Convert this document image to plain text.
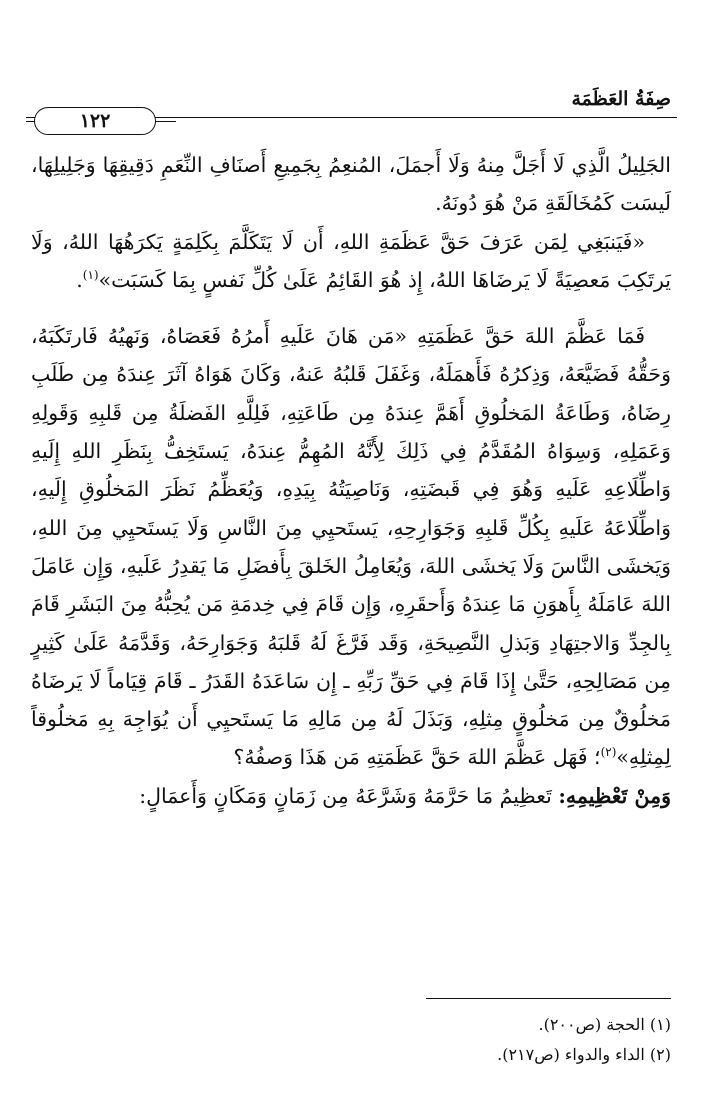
صِفَةُ العَظَمَة
١٢٢

الجَلِيلُ الَّذِي لَا أَجَلَّ مِنهُ وَلَا أَجمَلَ، المُنعِمُ بِجَمِيعِ أَصنَافِ النِّعَمِ دَقِيقِهَا وَجَلِيلِهَا، لَيسَت كَمُخَالَقَةِ مَنْ هُوَ دُونَهُ.

«فَيَنبَغِي لِمَن عَرَفَ حَقَّ عَظَمَةِ اللهِ، أَن لَا يَتَكَلَّمَ بِكَلِمَةٍ يَكرَهُهَا اللهُ، وَلَا يَرتَكِبَ مَعصِيَةً لَا يَرضَاهَا اللهُ، إِذ هُوَ القَائِمُ عَلَىٰ كُلِّ نَفسٍ بِمَا كَسَبَت»$^{(١)}$.

فَمَا عَظَّمَ اللهَ حَقَّ عَظَمَتِهِ «مَن هَانَ عَلَيهِ أَمرُهُ فَعَصَاهُ، وَنَهيُهُ فَارتَكَبَهُ، وَحَقُّهُ فَضَيَّعَهُ، وَذِكرُهُ فَأَهمَلَهُ، وَغَفَلَ قَلبُهُ عَنهُ، وَكَانَ هَوَاهُ آثَرَ عِندَهُ مِن طَلَبِ رِضَاهُ، وَطَاعَةُ المَخلُوقِ أَهَمَّ عِندَهُ مِن طَاعَتِهِ، فَلِلَّهِ الفَضلَةُ مِن قَلبِهِ وَقَولِهِ وَعَمَلِهِ، وَسِوَاهُ المُقَدَّمُ فِي ذَلِكَ لِأَنَّهُ المُهِمُّ عِندَهُ، يَستَخِفُّ بِنَظَرِ اللهِ إِلَيهِ وَاطِّلَاعِهِ عَلَيهِ وَهُوَ فِي قَبضَتِهِ، وَنَاصِيَتُهُ بِيَدِهِ، وَيُعَظِّمُ نَظَرَ المَخلُوقِ إِلَيهِ، وَاطِّلَاعَهُ عَلَيهِ بِكُلِّ قَلبِهِ وَجَوَارِحِهِ، يَستَحيِي مِنَ النَّاسِ وَلَا يَستَحيِي مِنَ اللهِ، وَيَخشَى النَّاسَ وَلَا يَخشَى اللهَ، وَيُعَامِلُ الخَلقَ بِأَفضَلِ مَا يَقدِرُ عَلَيهِ، وَإِن عَامَلَ اللهَ عَامَلَهُ بِأَهوَنِ مَا عِندَهُ وَأَحقَرِهِ، وَإِن قَامَ فِي خِدمَةِ مَن يُحِبُّهُ مِنَ البَشَرِ قَامَ بِالجِدِّ وَالاجتِهَادِ وَبَذلِ النَّصِيحَةِ، وَقَد فَرَّغَ لَهُ قَلبَهُ وَجَوَارِحَهُ، وَقَدَّمَهُ عَلَىٰ كَثِيرٍ مِن مَصَالِحِهِ، حَتَّىٰ إِذَا قَامَ فِي حَقِّ رَبِّهِ ـ إِن سَاعَدَهُ القَدَرُ ـ قَامَ قِيَاماً لَا يَرضَاهُ مَخلُوقٌ مِن مَخلُوقٍ مِثلِهِ، وَبَذَلَ لَهُ مِن مَالِهِ مَا يَستَحيِي أَن يُوَاجِهَ بِهِ مَخلُوقاً لِمِثلِهِ»$^{(٢)}$؛ فَهَل عَظَّمَ اللهَ حَقَّ عَظَمَتِهِ مَن هَذَا وَصفُهُ؟

وَمِنْ تَعْظِيمِهِ: تَعظِيمُ مَا حَرَّمَهُ وَشَرَّعَهُ مِن زَمَانٍ وَمَكَانٍ وَأَعمَالٍ:

(١) الحجة (ص٢٠٠).

(٢) الداء والدواء (ص٢١٧).
